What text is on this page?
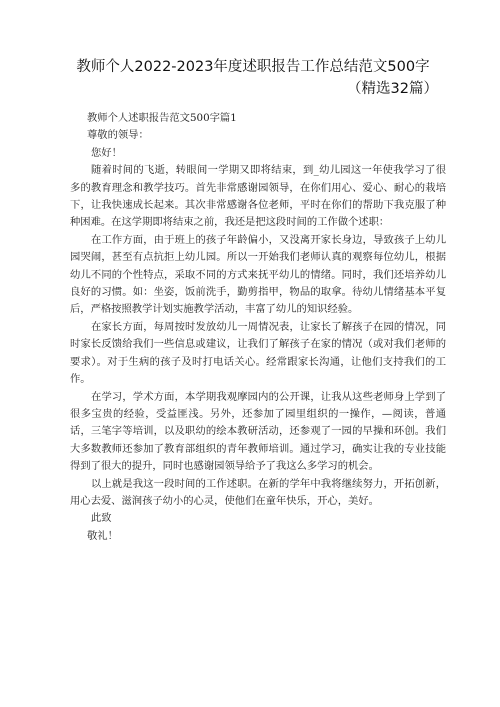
教师个人2022-2023年度述职报告工作总结范文500字
（精选32篇）

教师个人述职报告范文500字篇1

尊敬的领导：

您好！

随着时间的飞逝，转眼间一学期又即将结束，到_幼儿园这一年使我学习了很多的教育理念和教学技巧。首先非常感谢园领导，在你们用心、爱心、耐心的栽培下，让我快速成长起来。其次非常感谢各位老师，平时在你们的帮助下我克服了种种困难。在这学期即将结束之前，我还是把这段时间的工作做个述职：

在工作方面，由于班上的孩子年龄偏小，又没离开家长身边，导致孩子上幼儿园哭闹，甚至有点抗拒上幼儿园。所以一开始我们老师认真的观察每位幼儿，根据幼儿不同的个性特点，采取不同的方式来抚平幼儿的情绪。同时，我们还培养幼儿良好的习惯。如：坐姿，饭前洗手，勤剪指甲，物品的取拿。待幼儿情绪基本平复后，严格按照教学计划实施教学活动，丰富了幼儿的知识经验。

在家长方面，每周按时发放幼儿一周情况表，让家长了解孩子在园的情况，同时家长反馈给我们一些信息或建议，让我们了解孩子在家的情况（或对我们老师的要求）。对于生病的孩子及时打电话关心。经常跟家长沟通，让他们支持我们的工作。

在学习，学术方面，本学期我观摩园内的公开课，让我从这些老师身上学到了很多宝贵的经验，受益匪浅。另外，还参加了园里组织的一操作，—阅读，普通话，三笔字等培训，以及职幼的绘本教研活动，还参观了一园的早操和环创。我们大多数教师还参加了教育部组织的青年教师培训。通过学习，确实让我的专业技能得到了很大的提升，同时也感谢园领导给予了我这么多学习的机会。

以上就是我这一段时间的工作述职。在新的学年中我将继续努力，开拓创新，用心去爱、滋润孩子幼小的心灵，使他们在童年快乐，开心，美好。

此致

敬礼！
